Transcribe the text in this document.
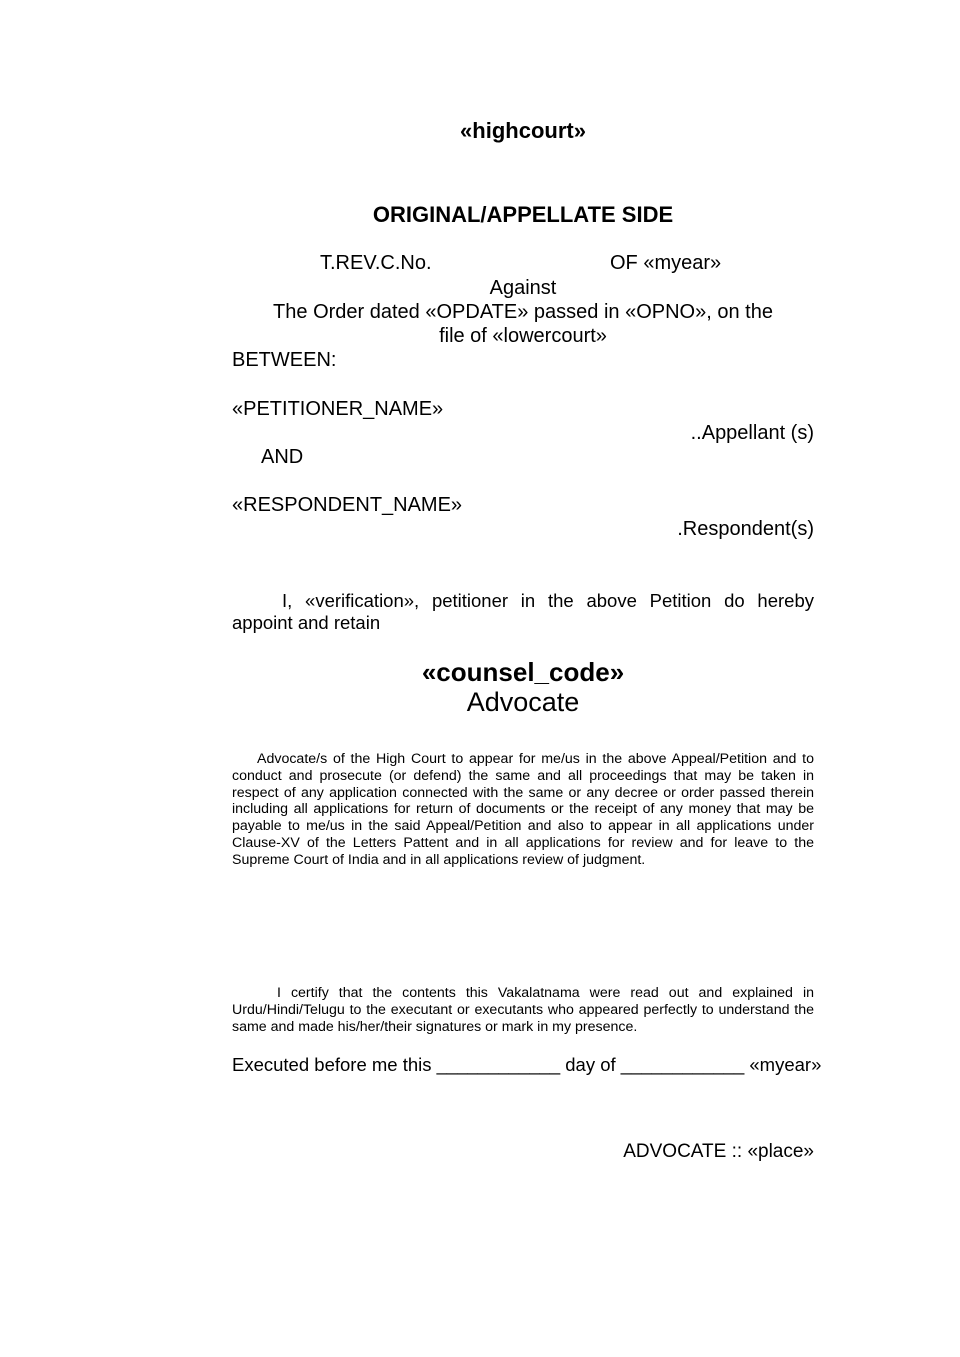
«highcourt»
ORIGINAL/APPELLATE SIDE
T.REV.C.No.	OF «myear»
Against
The Order dated «OPDATE» passed in «OPNO», on the
file of «lowercourt»
BETWEEN:
«PETITIONER_NAME»
..Appellant (s)
AND
«RESPONDENT_NAME»
.Respondent(s)

I, «verification», petitioner in the above Petition do hereby appoint and retain

«counsel_code»
Advocate

Advocate/s of the High Court to appear for me/us in the above Appeal/Petition and to conduct and prosecute (or defend) the same and all proceedings that may be taken in respect of any application connected with the same or any decree or order passed therein including all applications for return of documents or the receipt of any money that may be payable to me/us in the said Appeal/Petition and also to appear in all applications under Clause-XV of the Letters Pattent and in all applications for review and for leave to the Supreme Court of India and in all applications review of judgment.

I certify that the contents this Vakalatnama were read out and explained in Urdu/Hindi/Telugu to the executant or executants who appeared perfectly to understand the same and made his/her/their signatures or mark in my presence.

Executed before me this ____________ day of ____________ «myear»
ADVOCATE :: «place»
